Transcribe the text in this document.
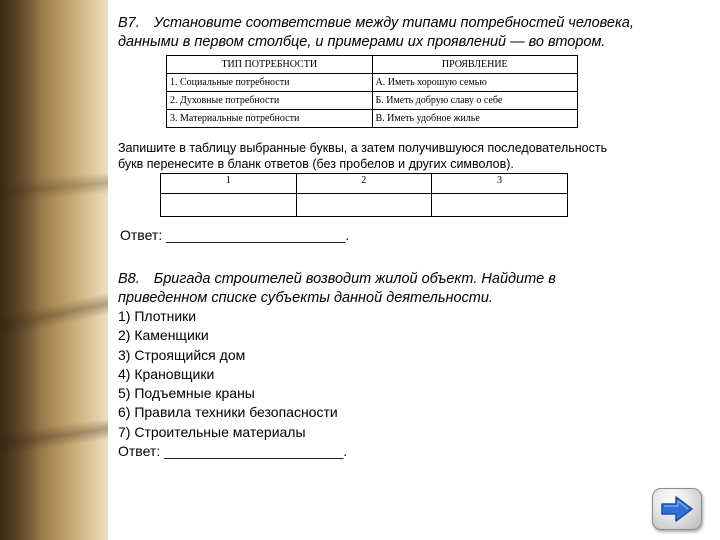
В7. Установите соответствие между типами потребностей человека,
данными в первом столбце, и примерами их проявлений — во втором.
ТИП ПОТРЕБНОСТИ	ПРОЯВЛЕНИЕ
1. Социальные потребности	А. Иметь хорошую семью
2. Духовные потребности	Б. Иметь добрую славу о себе
3. Материальные потребности	В. Иметь удобное жилье
Запишите в таблицу выбранные буквы, а затем получившуюся последовательность
букв перенесите в бланк ответов (без пробелов и других символов).
1	2	3

Ответ: _______________________.
В8. Бригада строителей возводит жилой объект. Найдите в
приведенном списке субъекты данной деятельности.
1) Плотники
2) Каменщики
3) Строящийся дом
4) Крановщики
5) Подъемные краны
6) Правила техники безопасности
7) Строительные материалы
Ответ: _______________________.
